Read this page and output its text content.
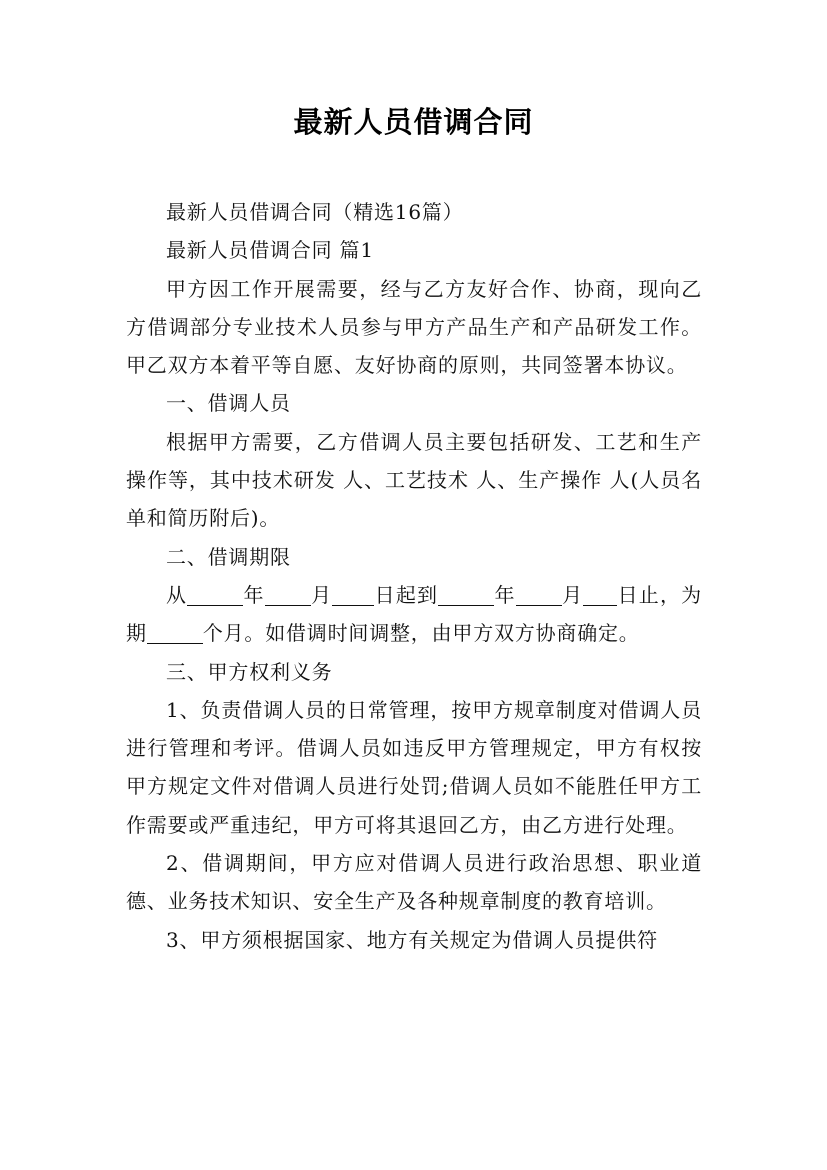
最新人员借调合同

最新人员借调合同（精选16篇）

最新人员借调合同 篇1

甲方因工作开展需要，经与乙方友好合作、协商，现向乙方借调部分专业技术人员参与甲方产品生产和产品研发工作。甲乙双方本着平等自愿、友好协商的原则，共同签署本协议。

一、借调人员

根据甲方需要，乙方借调人员主要包括研发、工艺和生产操作等，其中技术研发 人、工艺技术 人、生产操作 人(人员名单和简历附后)。

二、借调期限

从	年 月 日起到	年 月 日止，为期	个月。如借调时间调整，由甲方双方协商确定。

三、甲方权利义务

1、负责借调人员的日常管理，按甲方规章制度对借调人员进行管理和考评。借调人员如违反甲方管理规定，甲方有权按甲方规定文件对借调人员进行处罚;借调人员如不能胜任甲方工作需要或严重违纪，甲方可将其退回乙方，由乙方进行处理。

2、借调期间，甲方应对借调人员进行政治思想、职业道德、业务技术知识、安全生产及各种规章制度的教育培训。

3、甲方须根据国家、地方有关规定为借调人员提供符
